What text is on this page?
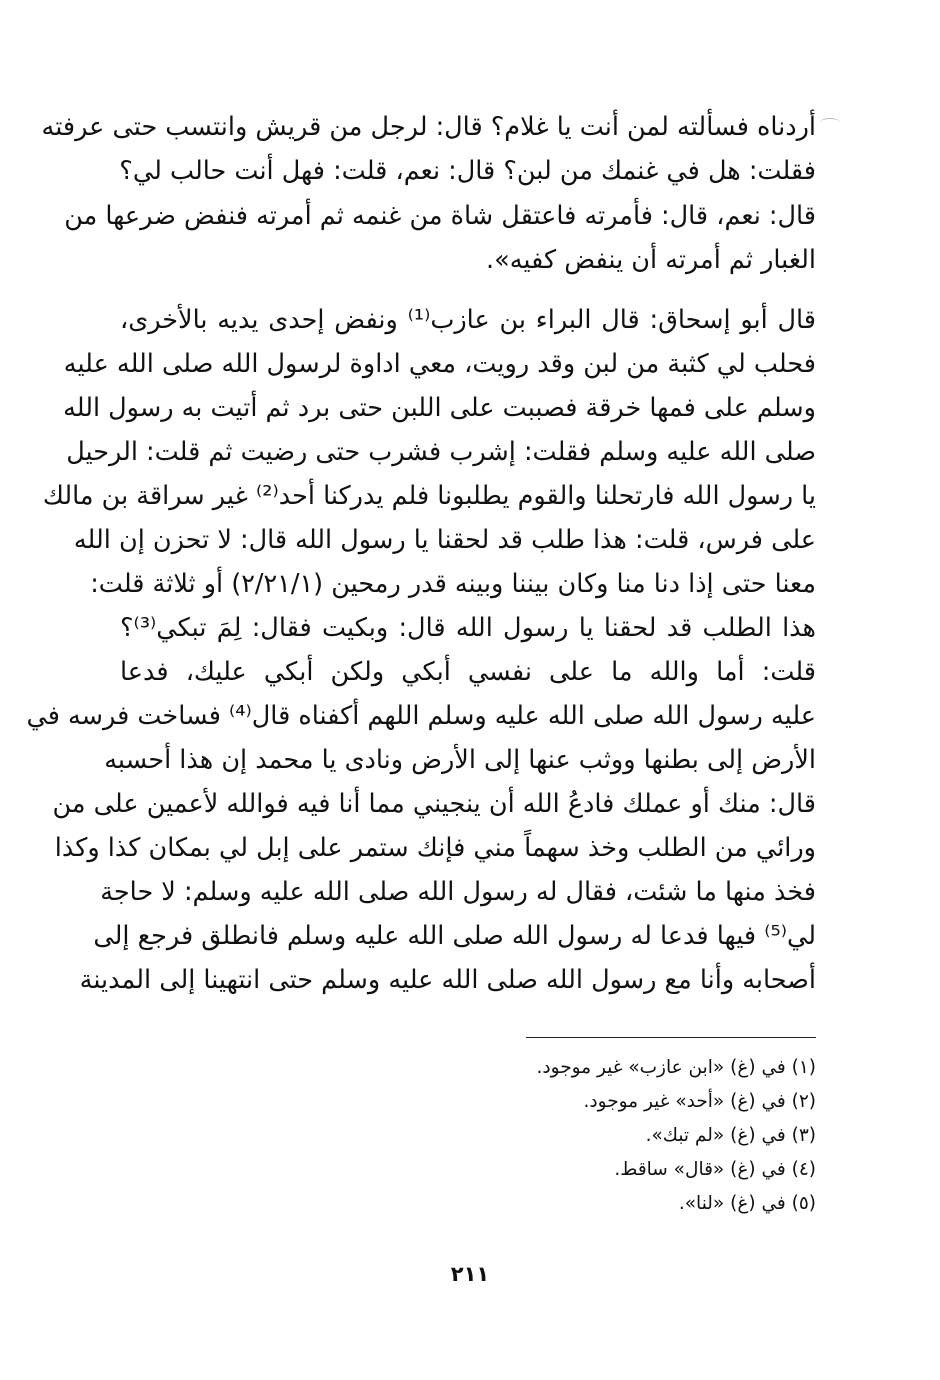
أردناه فسألته لمن أنت يا غلام؟ قال: لرجل من قريش وانتسب حتى عرفته
فقلت: هل في غنمك من لبن؟ قال: نعم، قلت: فهل أنت حالب لي؟
قال: نعم، قال: فأمرته فاعتقل شاة من غنمه ثم أمرته فنفض ضرعها من
الغبار ثم أمرته أن ينفض كفيه».
قال أبو إسحاق: قال البراء بن عازب⁽¹⁾ ونفض إحدى يديه بالأخرى،
فحلب لي كثبة من لبن وقد رويت، معي اداوة لرسول الله صلى الله عليه
وسلم على فمها خرقة فصببت على اللبن حتى برد ثم أتيت به رسول الله
صلى الله عليه وسلم فقلت: إشرب فشرب حتى رضيت ثم قلت: الرحيل
يا رسول الله فارتحلنا والقوم يطلبونا فلم يدركنا أحد⁽²⁾ غير سراقة بن مالك
على فرس، قلت: هذا طلب قد لحقنا يا رسول الله قال: لا تحزن إن الله
معنا حتى إذا دنا منا وكان بيننا وبينه قدر رمحين (٢/٢١/١) أو ثلاثة قلت:
هذا الطلب قد لحقنا يا رسول الله قال: وبكيت فقال: لِمَ تبكي⁽³⁾؟
قلت: أما والله ما على نفسي أبكي ولكن أبكي عليك، فدعا
عليه رسول الله صلى الله عليه وسلم اللهم أكفناه قال⁽⁴⁾ فساخت فرسه في
الأرض إلى بطنها ووثب عنها إلى الأرض ونادى يا محمد إن هذا أحسبه
قال: منك أو عملك فادعُ الله أن ينجيني مما أنا فيه فوالله لأعمين على من
ورائي من الطلب وخذ سهماً مني فإنك ستمر على إبل لي بمكان كذا وكذا
فخذ منها ما شئت، فقال له رسول الله صلى الله عليه وسلم: لا حاجة
لي⁽⁵⁾ فيها فدعا له رسول الله صلى الله عليه وسلم فانطلق فرجع إلى
أصحابه وأنا مع رسول الله صلى الله عليه وسلم حتى انتهينا إلى المدينة
(١) في (غ) «ابن عازب» غير موجود.
(٢) في (غ) «أحد» غير موجود.
(٣) في (غ) «لم تبك».
(٤) في (غ) «قال» ساقط.
(٥) في (غ) «لنا».
٢١١
